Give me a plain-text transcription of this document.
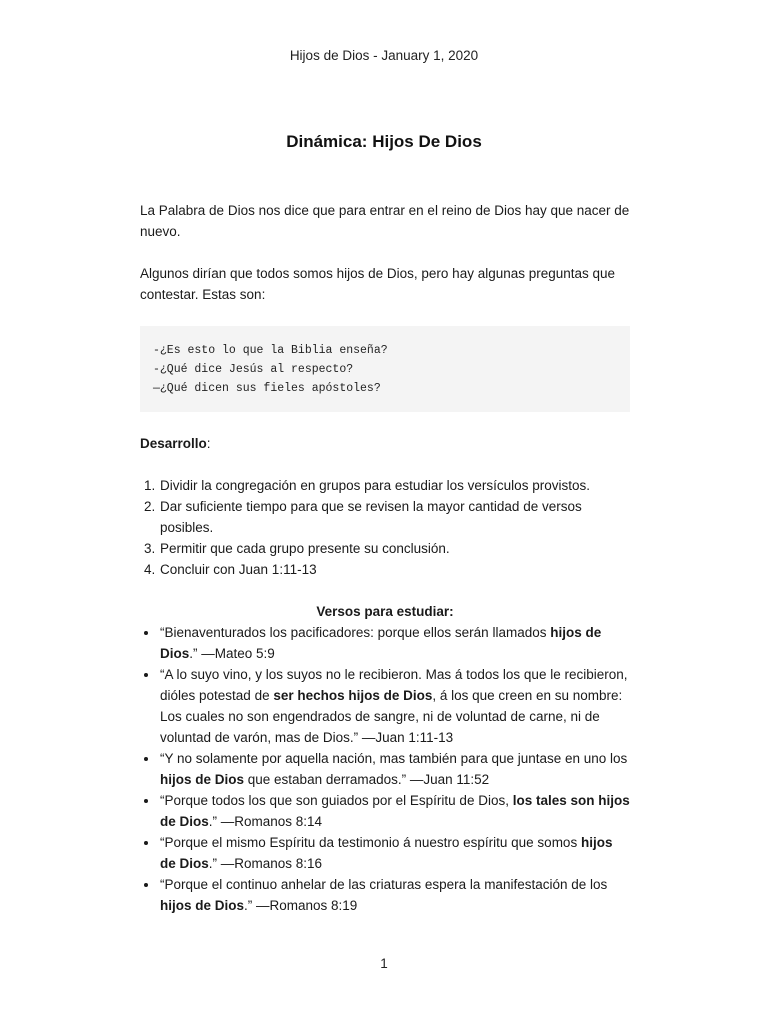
Hijos de Dios - January 1, 2020
Dinámica: Hijos De Dios

La Palabra de Dios nos dice que para entrar en el reino de Dios hay que nacer de nuevo.

Algunos dirían que todos somos hijos de Dios, pero hay algunas preguntas que contestar. Estas son:

-¿Es esto lo que la Biblia enseña?
-¿Qué dice Jesús al respecto?
—¿Qué dicen sus fieles apóstoles?

Desarrollo:

1. Dividir la congregación en grupos para estudiar los versículos provistos.
2. Dar suficiente tiempo para que se revisen la mayor cantidad de versos posibles.
3. Permitir que cada grupo presente su conclusión.
4. Concluir con Juan 1:11-13

Versos para estudiar:

• “Bienaventurados los pacificadores: porque ellos serán llamados hijos de Dios.” —Mateo 5:9
• “A lo suyo vino, y los suyos no le recibieron. Mas á todos los que le recibieron, dióles potestad de ser hechos hijos de Dios, á los que creen en su nombre: Los cuales no son engendrados de sangre, ni de voluntad de carne, ni de voluntad de varón, mas de Dios.” —Juan 1:11-13
• “Y no solamente por aquella nación, mas también para que juntase en uno los hijos de Dios que estaban derramados.” —Juan 11:52
• “Porque todos los que son guiados por el Espíritu de Dios, los tales son hijos de Dios.” —Romanos 8:14
• “Porque el mismo Espíritu da testimonio á nuestro espíritu que somos hijos de Dios.” —Romanos 8:16
• “Porque el continuo anhelar de las criaturas espera la manifestación de los hijos de Dios.” —Romanos 8:19
1
